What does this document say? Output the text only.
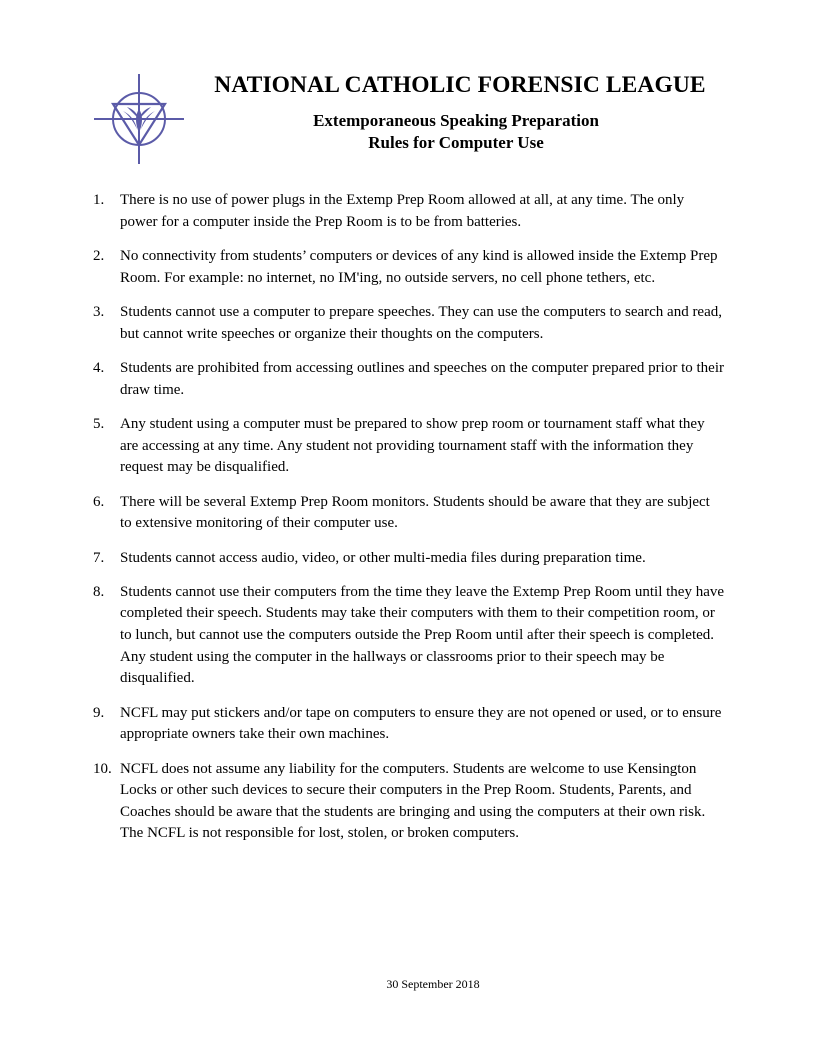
NATIONAL CATHOLIC FORENSIC LEAGUE
Extemporaneous Speaking Preparation
Rules for Computer Use
1. There is no use of power plugs in the Extemp Prep Room allowed at all, at any time. The only power for a computer inside the Prep Room is to be from batteries.
2. No connectivity from students’ computers or devices of any kind is allowed inside the Extemp Prep Room. For example: no internet, no IM'ing, no outside servers, no cell phone tethers, etc.
3. Students cannot use a computer to prepare speeches. They can use the computers to search and read, but cannot write speeches or organize their thoughts on the computers.
4. Students are prohibited from accessing outlines and speeches on the computer prepared prior to their draw time.
5. Any student using a computer must be prepared to show prep room or tournament staff what they are accessing at any time. Any student not providing tournament staff with the information they request may be disqualified.
6. There will be several Extemp Prep Room monitors. Students should be aware that they are subject to extensive monitoring of their computer use.
7. Students cannot access audio, video, or other multi-media files during preparation time.
8. Students cannot use their computers from the time they leave the Extemp Prep Room until they have completed their speech. Students may take their computers with them to their competition room, or to lunch, but cannot use the computers outside the Prep Room until after their speech is completed. Any student using the computer in the hallways or classrooms prior to their speech may be disqualified.
9. NCFL may put stickers and/or tape on computers to ensure they are not opened or used, or to ensure appropriate owners take their own machines.
10. NCFL does not assume any liability for the computers. Students are welcome to use Kensington Locks or other such devices to secure their computers in the Prep Room. Students, Parents, and Coaches should be aware that the students are bringing and using the computers at their own risk. The NCFL is not responsible for lost, stolen, or broken computers.
30 September 2018
